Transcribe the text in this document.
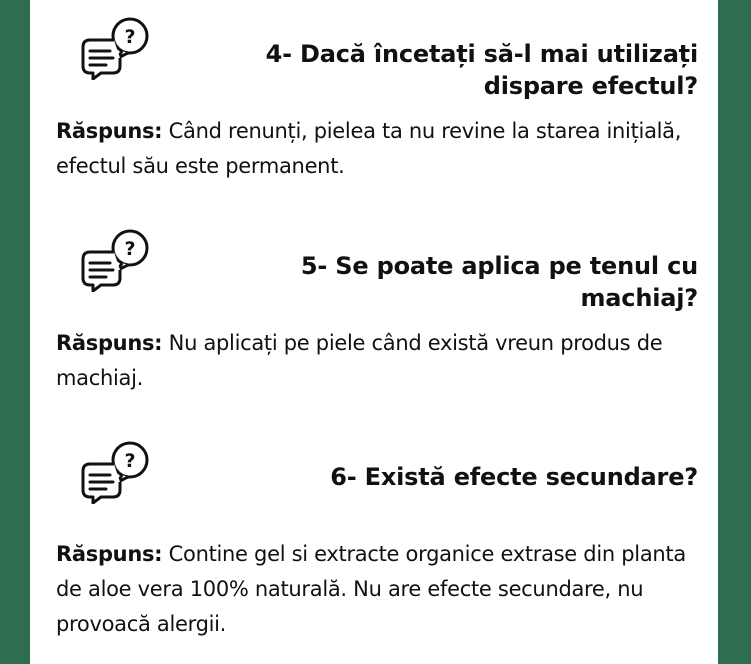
?
4- Dacă încetați să-l mai utilizați dispare efectul?

Răspuns: Când renunți, pielea ta nu revine la starea inițială, efectul său este permanent.

?
5- Se poate aplica pe tenul cu machiaj?

Răspuns: Nu aplicați pe piele când există vreun produs de machiaj.

?
6- Există efecte secundare?

Răspuns: Contine gel si extracte organice extrase din planta de aloe vera 100% naturală. Nu are efecte secundare, nu provoacă alergii.
